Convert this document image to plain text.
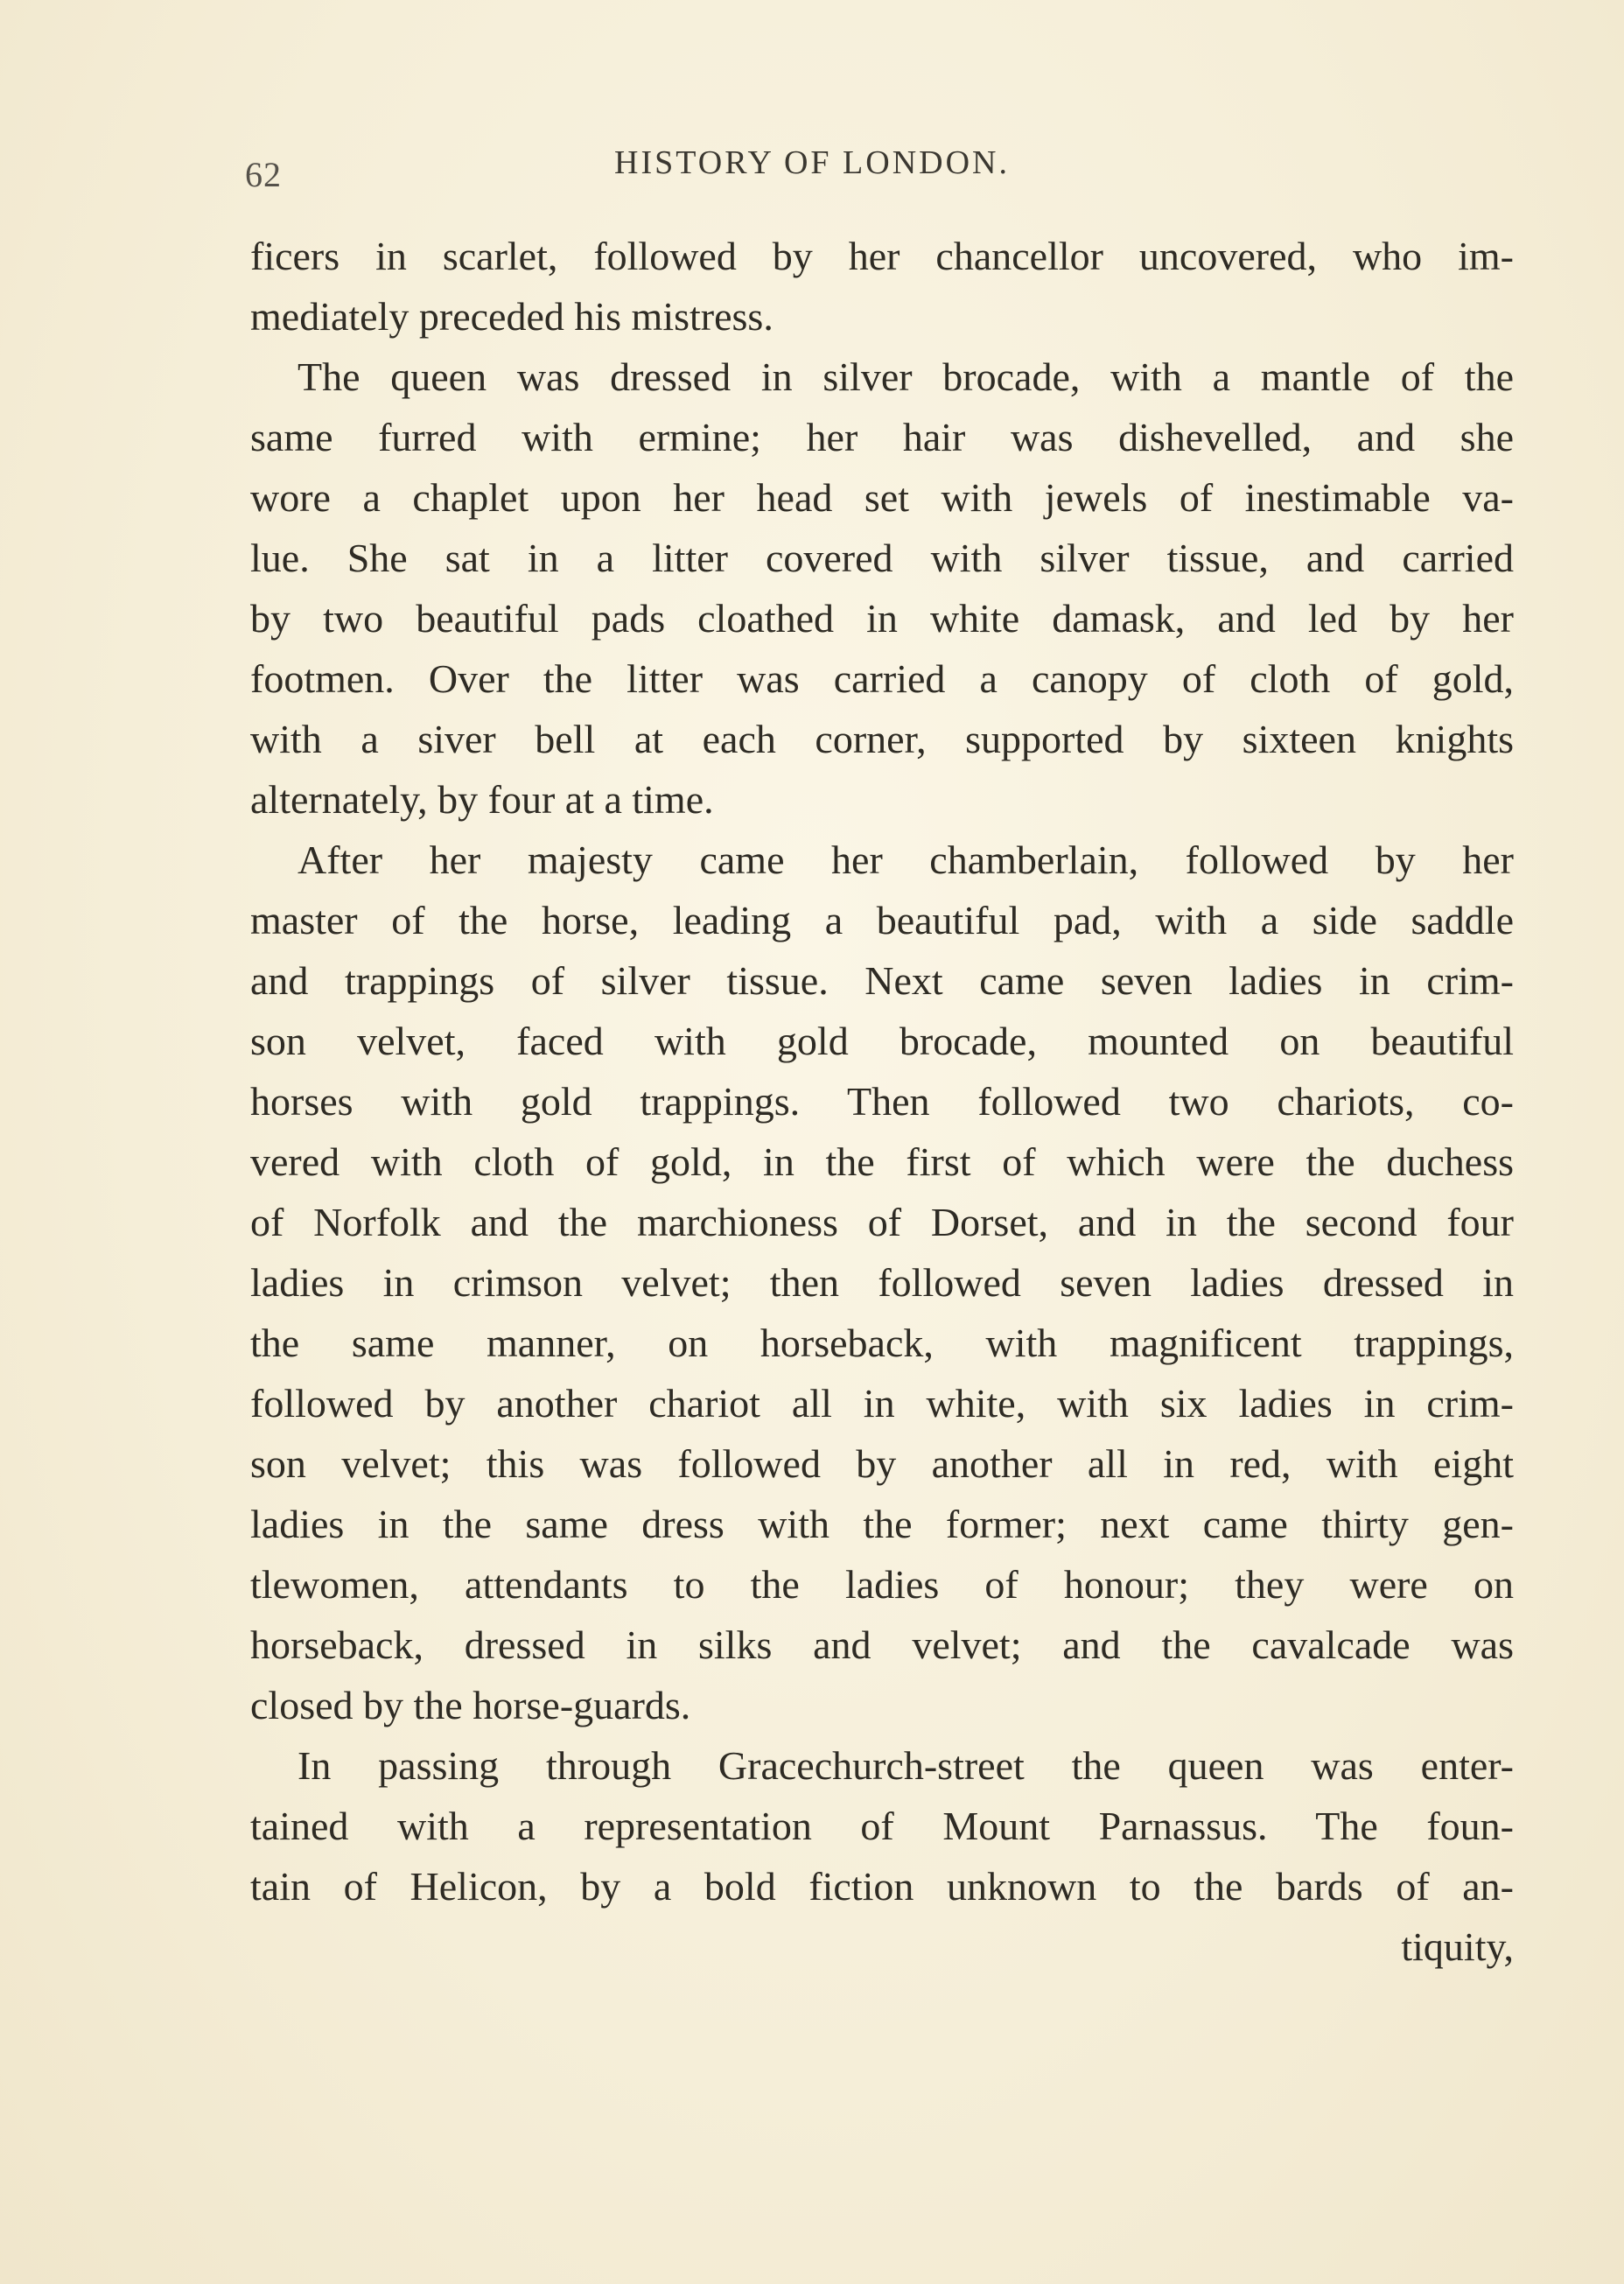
62	HISTORY OF LONDON.
ficers in scarlet, followed by her chancellor uncovered, who im-
mediately preceded his mistress.
The queen was dressed in silver brocade, with a mantle of the
same furred with ermine; her hair was dishevelled, and she
wore a chaplet upon her head set with jewels of inestimable va-
lue. She sat in a litter covered with silver tissue, and carried
by two beautiful pads cloathed in white damask, and led by her
footmen. Over the litter was carried a canopy of cloth of gold,
with a siver bell at each corner, supported by sixteen knights
alternately, by four at a time.
After her majesty came her chamberlain, followed by her
master of the horse, leading a beautiful pad, with a side saddle
and trappings of silver tissue. Next came seven ladies in crim-
son velvet, faced with gold brocade, mounted on beautiful
horses with gold trappings. Then followed two chariots, co-
vered with cloth of gold, in the first of which were the duchess
of Norfolk and the marchioness of Dorset, and in the second four
ladies in crimson velvet; then followed seven ladies dressed in
the same manner, on horseback, with magnificent trappings,
followed by another chariot all in white, with six ladies in crim-
son velvet; this was followed by another all in red, with eight
ladies in the same dress with the former; next came thirty gen-
tlewomen, attendants to the ladies of honour; they were on
horseback, dressed in silks and velvet; and the cavalcade was
closed by the horse-guards.
In passing through Gracechurch-street the queen was enter-
tained with a representation of Mount Parnassus. The foun-
tain of Helicon, by a bold fiction unknown to the bards of an-
tiquity,
